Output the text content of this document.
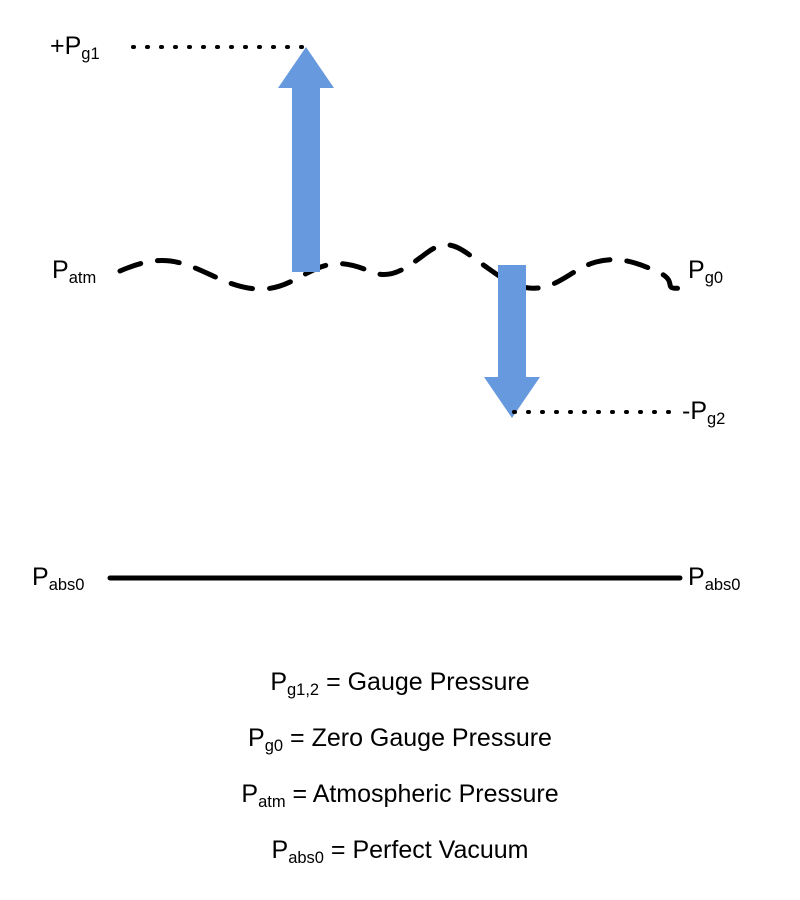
$+P_{g1}$
$P_{atm}$	$P_{g0}$
$-P_{g2}$
$P_{abs0}$	$P_{abs0}$
$P_{g1,2}$ = Gauge Pressure
$P_{g0}$ = Zero Gauge Pressure
$P_{atm}$ = Atmospheric Pressure
$P_{abs0}$ = Perfect Vacuum
